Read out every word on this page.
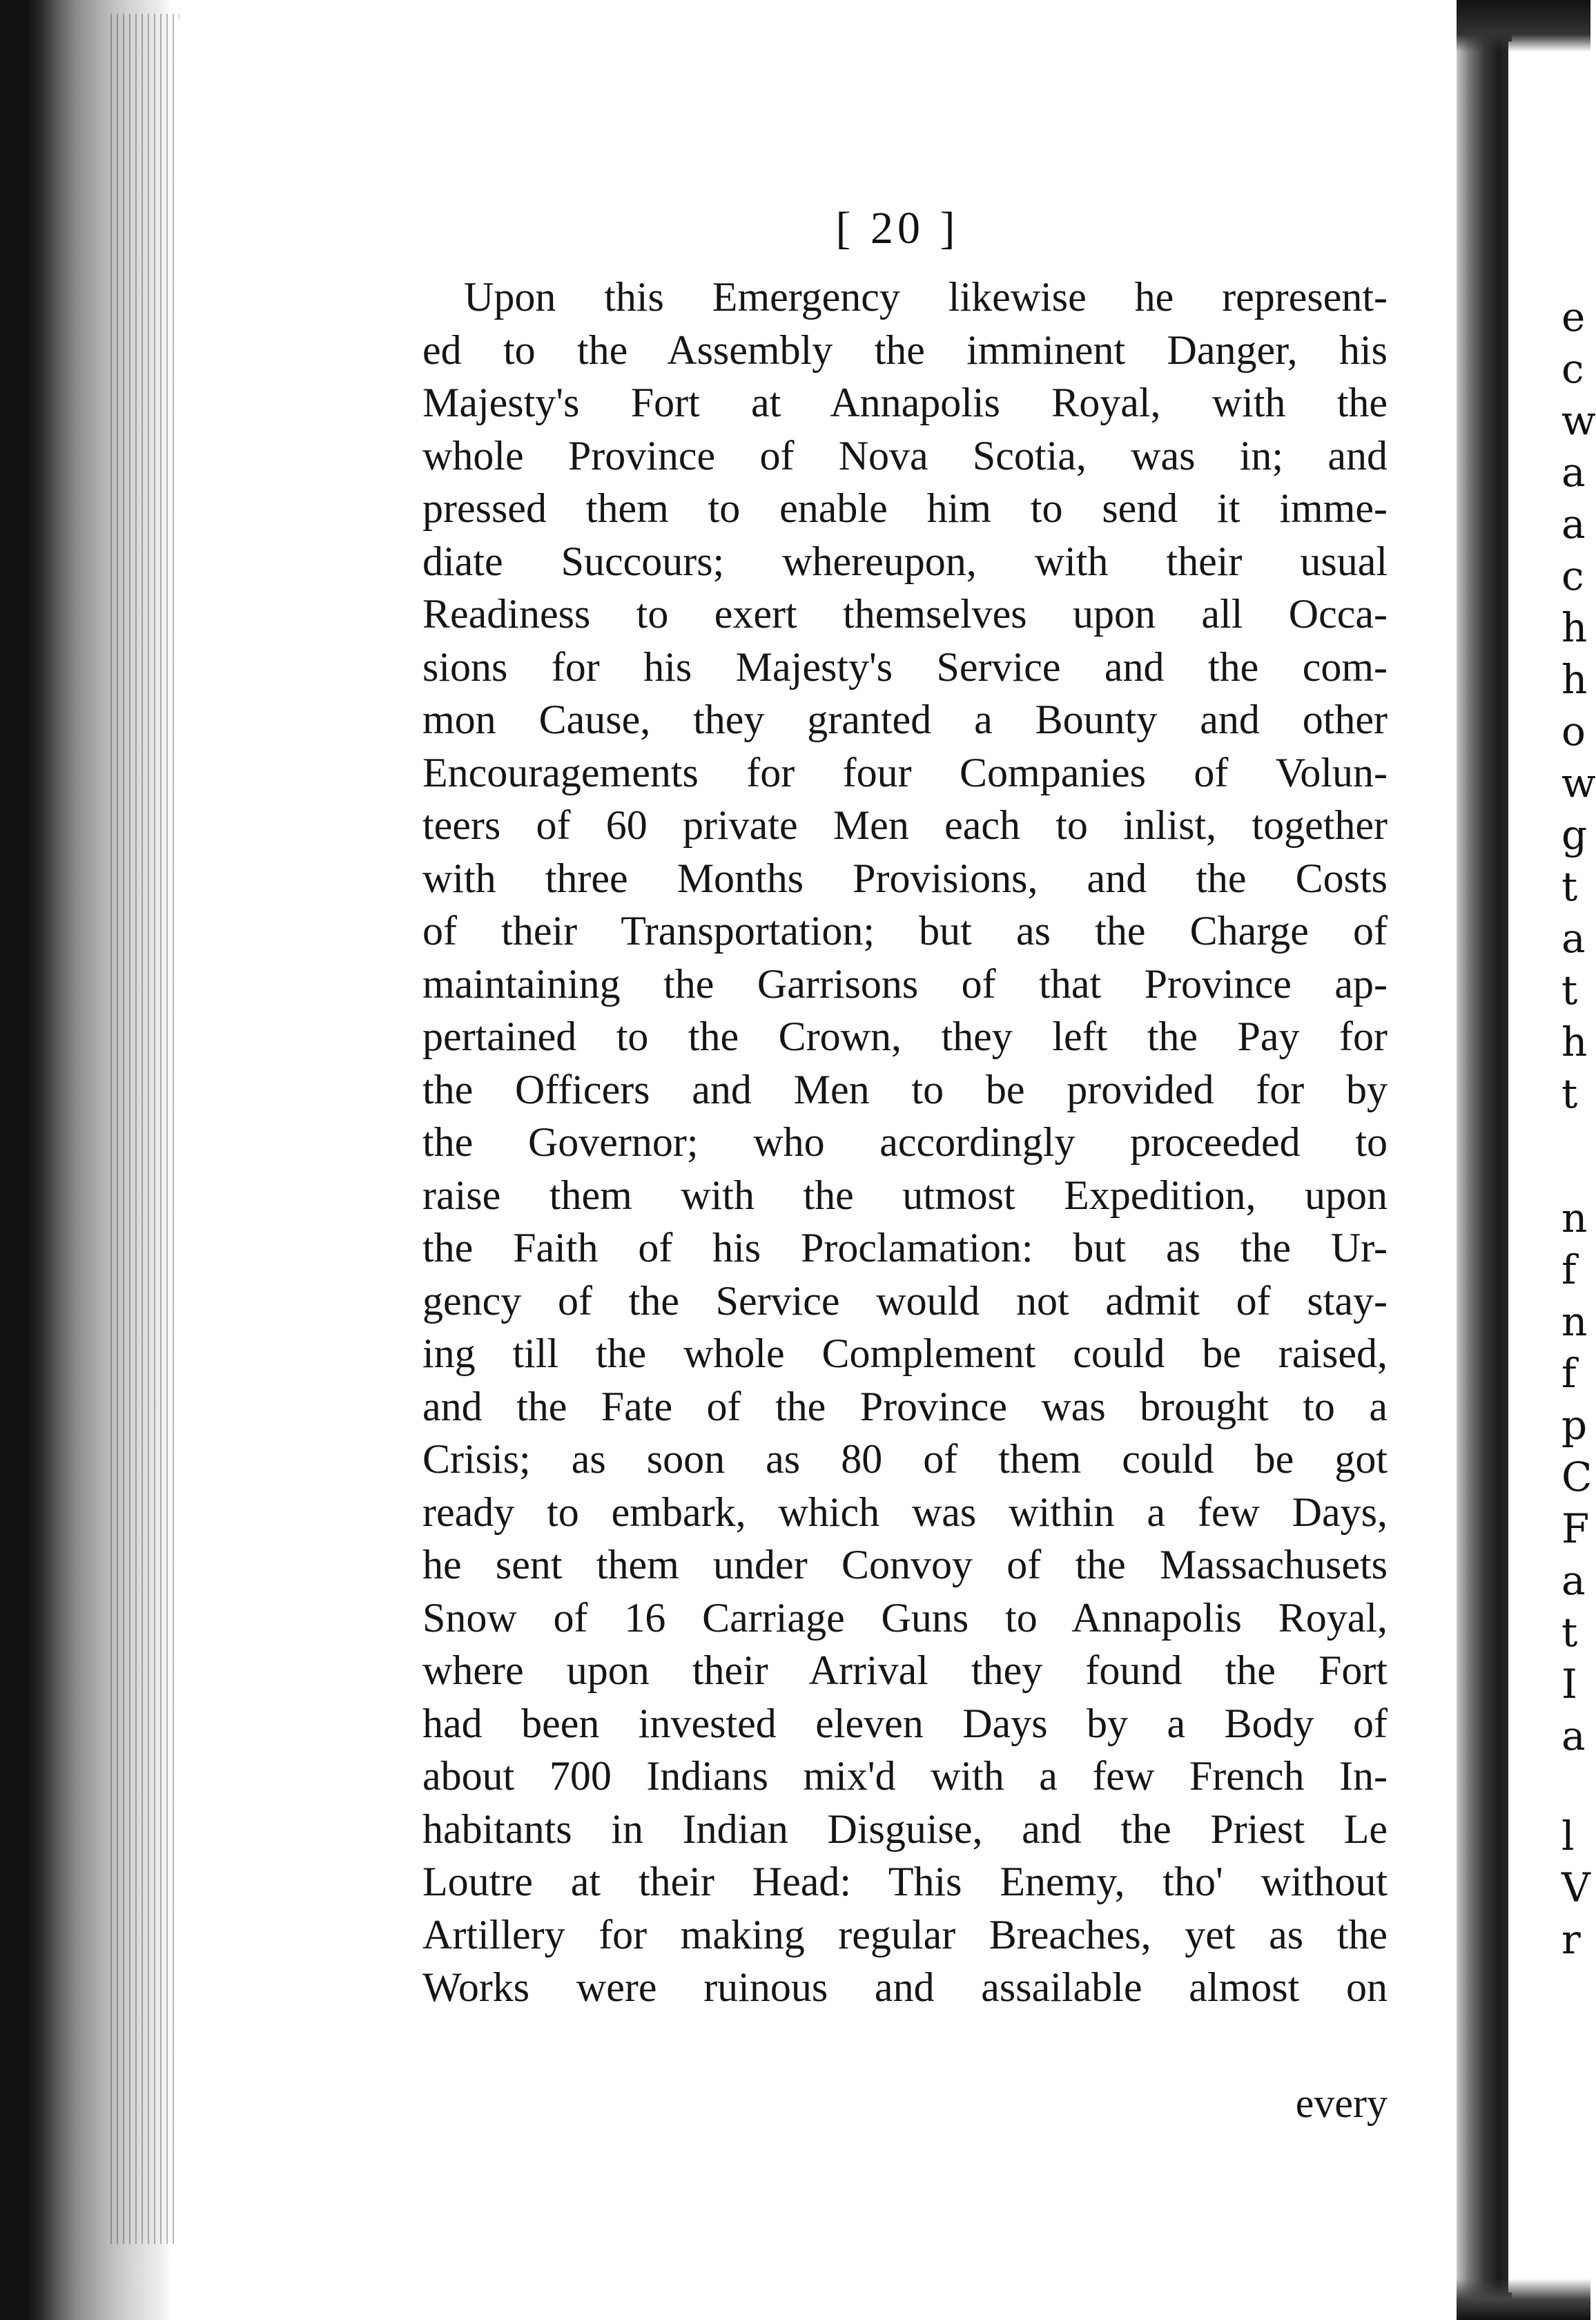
e
c
w
a
a
c
h
h
o
w
g
t
a
t
h
t
n
f
n
f
p
C
F
a
t
I
a
l
V
r
[ 20 ]
Upon this Emergency likewise he represent-
ed to the Assembly the imminent Danger, his
Majesty's Fort at Annapolis Royal, with the
whole Province of Nova Scotia, was in; and
pressed them to enable him to send it imme-
diate Succours; whereupon, with their usual
Readiness to exert themselves upon all Occa-
sions for his Majesty's Service and the com-
mon Cause, they granted a Bounty and other
Encouragements for four Companies of Volun-
teers of 60 private Men each to inlist, together
with three Months Provisions, and the Costs
of their Transportation; but as the Charge of
maintaining the Garrisons of that Province ap-
pertained to the Crown, they left the Pay for
the Officers and Men to be provided for by
the Governor; who accordingly proceeded to
raise them with the utmost Expedition, upon
the Faith of his Proclamation: but as the Ur-
gency of the Service would not admit of stay-
ing till the whole Complement could be raised,
and the Fate of the Province was brought to a
Crisis; as soon as 80 of them could be got
ready to embark, which was within a few Days,
he sent them under Convoy of the Massachusets
Snow of 16 Carriage Guns to Annapolis Royal,
where upon their Arrival they found the Fort
had been invested eleven Days by a Body of
about 700 Indians mix'd with a few French In-
habitants in Indian Disguise, and the Priest Le
Loutre at their Head: This Enemy, tho' without
Artillery for making regular Breaches, yet as the
Works were ruinous and assailable almost on
every
